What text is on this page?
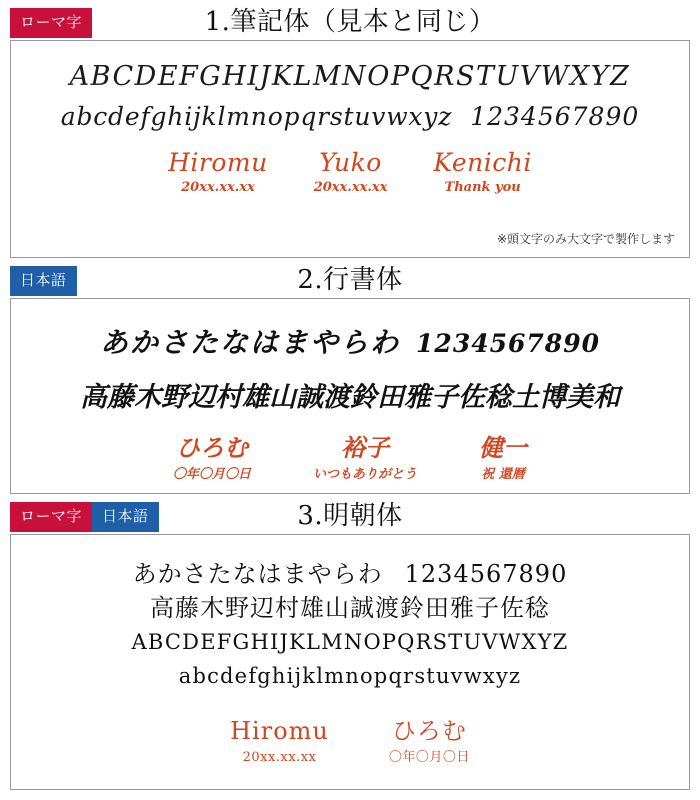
ローマ字	1.筆記体（見本と同じ）
ABCDEFGHIJKLMNOPQRSTUVWXYZ
abcdefghijklmnopqrstuvwxyz 1234567890
Hiromu
20xx.xx.xx
Yuko
20xx.xx.xx
Kenichi
Thank you
※頭文字のみ大文字で製作します
日本語	2.行書体
あかさたなはまやらわ 1234567890
高藤木野辺村雄山誠渡鈴田雅子佐稔土博美和
ひろむ
〇年〇月〇日
裕子
いつもありがとう
健一
祝 還暦
ローマ字	日本語	3.明朝体
あかさたなはまやらわ 1234567890
高藤木野辺村雄山誠渡鈴田雅子佐稔
ABCDEFGHIJKLMNOPQRSTUVWXYZ
abcdefghijklmnopqrstuvwxyz
Hiromu
20xx.xx.xx
ひろむ
〇年〇月〇日
